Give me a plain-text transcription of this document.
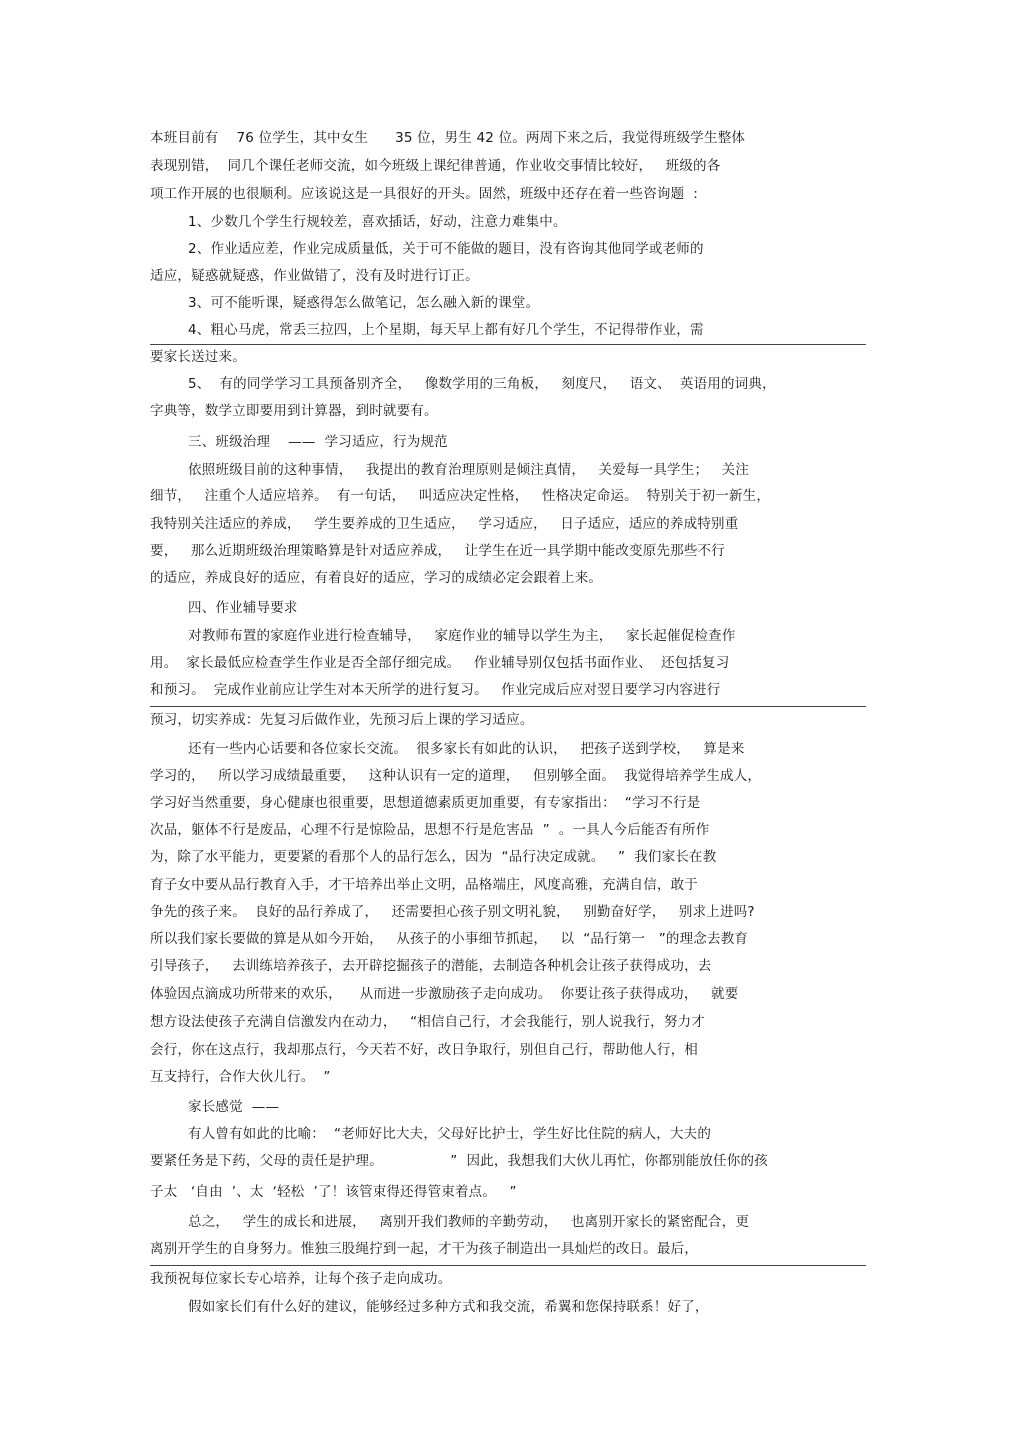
本班目前有    76 位学生，其中女生      35 位，男生 42 位。两周下来之后，我觉得班级学生整体
表现别错，  同几个课任老师交流，如今班级上课纪律普通，作业收交事情比较好，   班级的各
项工作开展的也很顺利。应该说这是一具很好的开头。固然，班级中还存在着一些咨询题  :
1、少数几个学生行规较差，喜欢插话，好动，注意力难集中。
2、作业适应差，作业完成质量低，关于可不能做的题目，没有咨询其他同学或老师的
适应，疑惑就疑惑，作业做错了，没有及时进行订正。
3、可不能听课，疑惑得怎么做笔记，怎么融入新的课堂。
4、粗心马虎，常丢三拉四，上个星期，每天早上都有好几个学生，不记得带作业，需
要家长送过来。
5、  有的同学学习工具预备别齐全，   像数学用的三角板，   刻度尺，   语文、  英语用的词典，
字典等，数学立即要用到计算器，到时就要有。
三、班级治理    ——  学习适应，行为规范
依照班级目前的这种事情，   我提出的教育治理原则是倾注真情，   关爱每一具学生；   关注
细节，   注重个人适应培养。  有一句话，   叫适应决定性格，   性格决定命运。  特别关于初一新生，
我特别关注适应的养成，   学生要养成的卫生适应，   学习适应，   日子适应，适应的养成特别重
要，   那么近期班级治理策略算是针对适应养成，   让学生在近一具学期中能改变原先那些不行
的适应，养成良好的适应，有着良好的适应，学习的成绩必定会跟着上来。
四、作业辅导要求
对教师布置的家庭作业进行检查辅导，   家庭作业的辅导以学生为主，   家长起催促检查作
用。  家长最低应检查学生作业是否全部仔细完成。   作业辅导别仅包括书面作业、  还包括复习
和预习。  完成作业前应让学生对本天所学的进行复习。   作业完成后应对翌日要学习内容进行
预习，切实养成：先复习后做作业，先预习后上课的学习适应。
还有一些内心话要和各位家长交流。  很多家长有如此的认识，   把孩子送到学校，   算是来
学习的，   所以学习成绩最重要，   这种认识有一定的道理，   但别够全面。  我觉得培养学生成人，
学习好当然重要，身心健康也很重要，思想道德素质更加重要，有专家指出：  “学习不行是
次品，躯体不行是废品，心理不行是惊险品，思想不行是危害品  ”  。一具人今后能否有所作
为，除了水平能力，更要紧的看那个人的品行怎么，因为  “品行决定成就。   ”  我们家长在教
育子女中要从品行教育入手，才干培养出举止文明，品格端庄，风度高雅，充满自信，敢于
争先的孩子来。  良好的品行养成了，   还需要担心孩子别文明礼貌，   别勤奋好学，   别求上进吗?
所以我们家长要做的算是从如今开始，   从孩子的小事细节抓起，   以  “品行第一   ”的理念去教育
引导孩子，   去训练培养孩子，去开辟挖掘孩子的潜能，去制造各种机会让孩子获得成功，去
体验因点滴成功所带来的欢乐，    从而进一步激励孩子走向成功。  你要让孩子获得成功，   就要
想方设法使孩子充满自信激发内在动力，   “相信自己行，才会我能行，别人说我行，努力才
会行，你在这点行，我却那点行，今天若不好，改日争取行，别但自己行，帮助他人行，相
互支持行，合作大伙儿行。  ”
家长感觉  ——
有人曾有如此的比喻：  “老师好比大夫，父母好比护士，学生好比住院的病人，大夫的
要紧任务是下药，父母的责任是护理。               ”  因此，我想我们大伙儿再忙，你都别能放任你的孩
子太   ‘自由  ’、太  ‘轻松  ’了！该管束得还得管束着点。   ”
总之，   学生的成长和进展，   离别开我们教师的辛勤劳动，   也离别开家长的紧密配合，更
离别开学生的自身努力。惟独三股绳拧到一起，才干为孩子制造出一具灿烂的改日。最后，
我预祝每位家长专心培养，让每个孩子走向成功。
假如家长们有什么好的建议，能够经过多种方式和我交流，希翼和您保持联系！好了，
